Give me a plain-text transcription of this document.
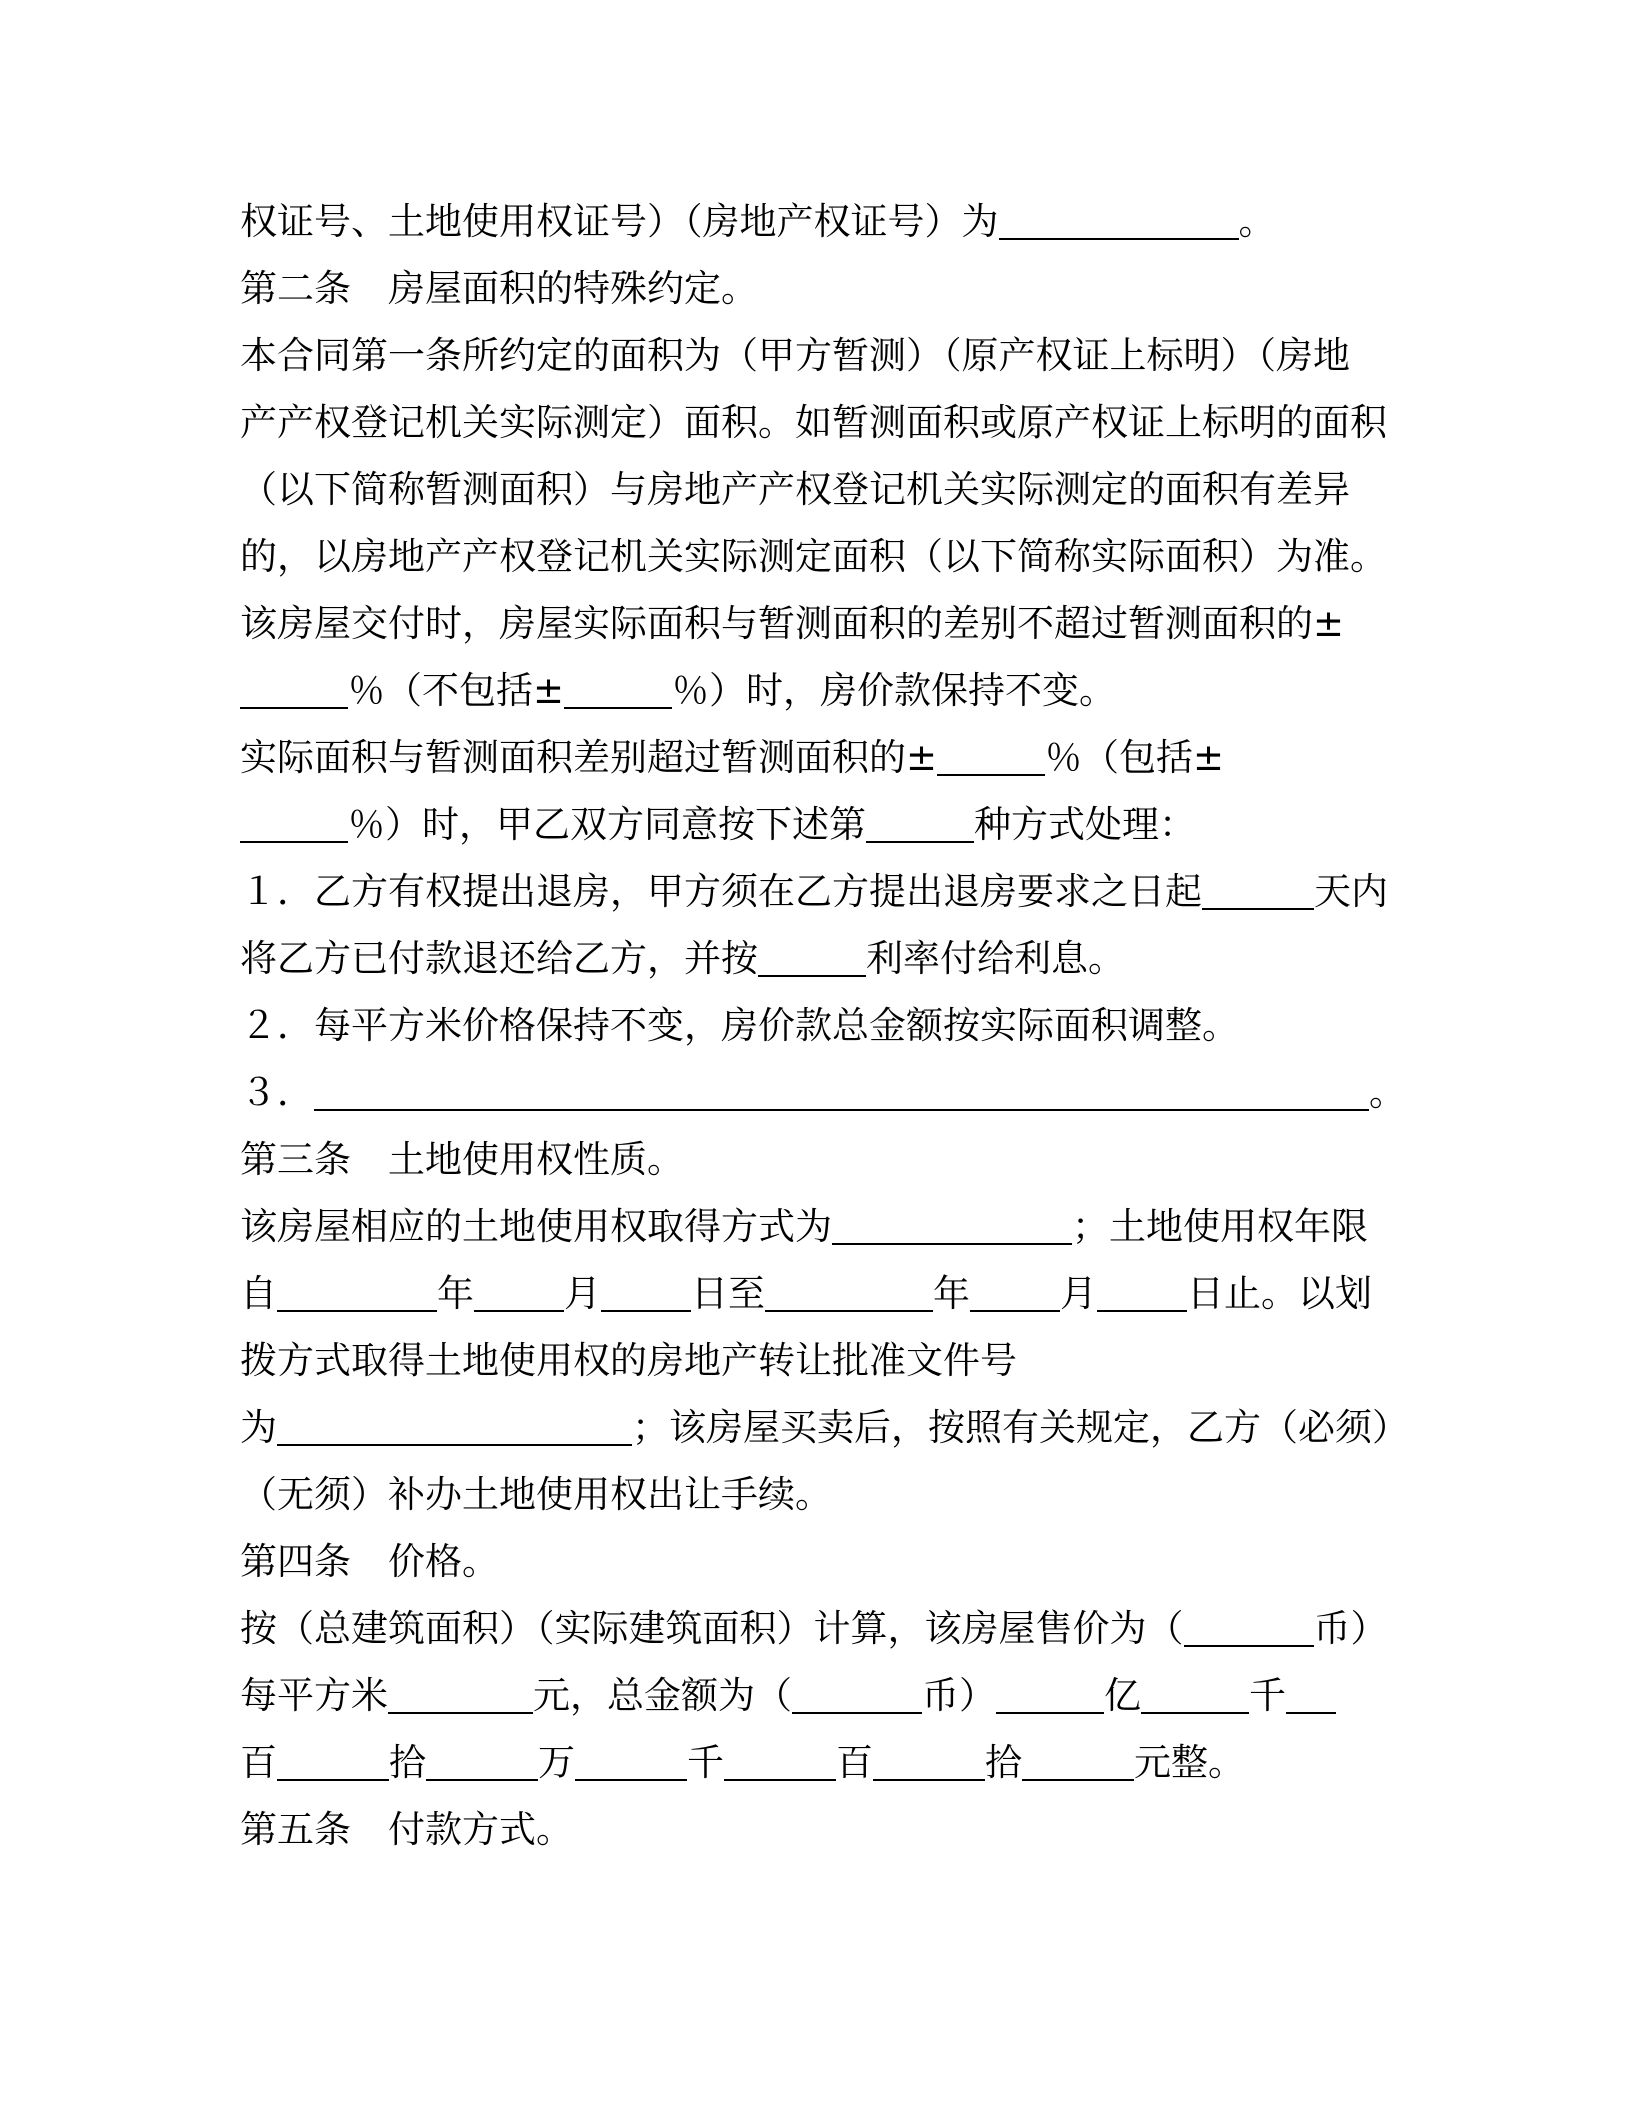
权证号、土地使用权证号）（房地产权证号）为	。
第二条　房屋面积的特殊约定。
本合同第一条所约定的面积为（甲方暂测）（原产权证上标明）（房地
产产权登记机关实际测定）面积。如暂测面积或原产权证上标明的面积
（以下简称暂测面积）与房地产产权登记机关实际测定的面积有差异
的，以房地产产权登记机关实际测定面积（以下简称实际面积）为准。
该房屋交付时，房屋实际面积与暂测面积的差别不超过暂测面积的±
％（不包括±	％）时，房价款保持不变。
实际面积与暂测面积差别超过暂测面积的±	％（包括±
％）时，甲乙双方同意按下述第	种方式处理：
１．乙方有权提出退房，甲方须在乙方提出退房要求之日起	天内
将乙方已付款退还给乙方，并按	利率付给利息。
２．每平方米价格保持不变，房价款总金额按实际面积调整。
３．	。
第三条　土地使用权性质。
该房屋相应的土地使用权取得方式为	；土地使用权年限
自	年 月 日至	年 月 日止。以划
拨方式取得土地使用权的房地产转让批准文件号
为	；该房屋买卖后，按照有关规定，乙方（必须）
（无须）补办土地使用权出让手续。
第四条　价格。
按（总建筑面积）（实际建筑面积）计算，该房屋售价为（	币）
每平方米	元，总金额为（	币）	亿	千
百	拾	万	千	百	拾	元整。
第五条　付款方式。
